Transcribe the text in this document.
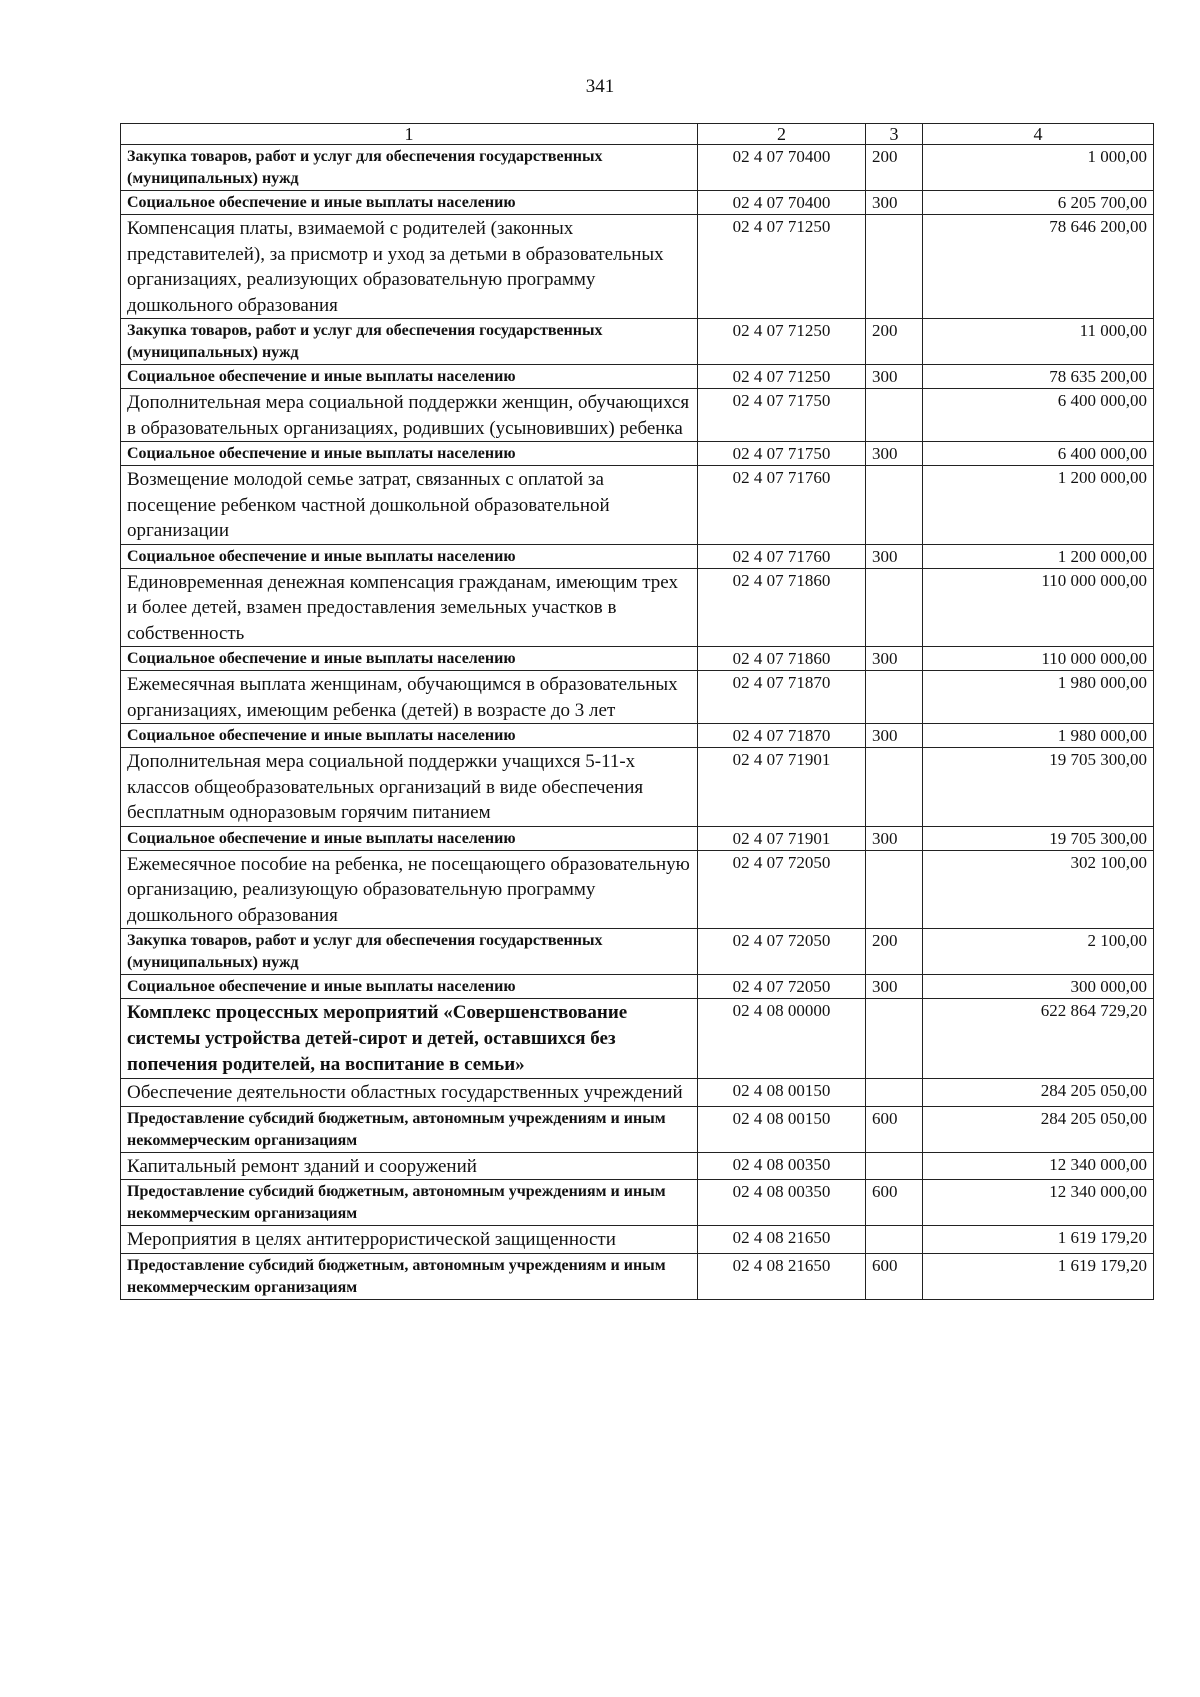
341
1	2	3	4
Закупка товаров, работ и услуг для обеспечения государственных (муниципальных) нужд	02 4 07 70400	200	1 000,00
Социальное обеспечение и иные выплаты населению	02 4 07 70400	300	6 205 700,00
Компенсация платы, взимаемой с родителей (законных представителей), за присмотр и уход за детьми в образовательных организациях, реализующих образовательную программу дошкольного образования	02 4 07 71250		78 646 200,00
Закупка товаров, работ и услуг для обеспечения государственных (муниципальных) нужд	02 4 07 71250	200	11 000,00
Социальное обеспечение и иные выплаты населению	02 4 07 71250	300	78 635 200,00
Дополнительная мера социальной поддержки женщин, обучающихся в образовательных организациях, родивших (усыновивших) ребенка	02 4 07 71750		6 400 000,00
Социальное обеспечение и иные выплаты населению	02 4 07 71750	300	6 400 000,00
Возмещение молодой семье затрат, связанных с оплатой за посещение ребенком частной дошкольной образовательной организации	02 4 07 71760		1 200 000,00
Социальное обеспечение и иные выплаты населению	02 4 07 71760	300	1 200 000,00
Единовременная денежная компенсация гражданам, имеющим трех и более детей, взамен предоставления земельных участков в собственность	02 4 07 71860		110 000 000,00
Социальное обеспечение и иные выплаты населению	02 4 07 71860	300	110 000 000,00
Ежемесячная выплата женщинам, обучающимся в образовательных организациях, имеющим ребенка (детей) в возрасте до 3 лет	02 4 07 71870		1 980 000,00
Социальное обеспечение и иные выплаты населению	02 4 07 71870	300	1 980 000,00
Дополнительная мера социальной поддержки учащихся 5-11-х классов общеобразовательных организаций в виде обеспечения бесплатным одноразовым горячим питанием	02 4 07 71901		19 705 300,00
Социальное обеспечение и иные выплаты населению	02 4 07 71901	300	19 705 300,00
Ежемесячное пособие на ребенка, не посещающего образовательную организацию, реализующую образовательную программу дошкольного образования	02 4 07 72050		302 100,00
Закупка товаров, работ и услуг для обеспечения государственных (муниципальных) нужд	02 4 07 72050	200	2 100,00
Социальное обеспечение и иные выплаты населению	02 4 07 72050	300	300 000,00
Комплекс процессных мероприятий «Совершенствование системы устройства детей-сирот и детей, оставшихся без попечения родителей, на воспитание в семьи»	02 4 08 00000		622 864 729,20
Обеспечение деятельности областных государственных учреждений	02 4 08 00150		284 205 050,00
Предоставление субсидий бюджетным, автономным учреждениям и иным некоммерческим организациям	02 4 08 00150	600	284 205 050,00
Капитальный ремонт зданий и сооружений	02 4 08 00350		12 340 000,00
Предоставление субсидий бюджетным, автономным учреждениям и иным некоммерческим организациям	02 4 08 00350	600	12 340 000,00
Мероприятия в целях антитеррористической защищенности	02 4 08 21650		1 619 179,20
Предоставление субсидий бюджетным, автономным учреждениям и иным некоммерческим организациям	02 4 08 21650	600	1 619 179,20
